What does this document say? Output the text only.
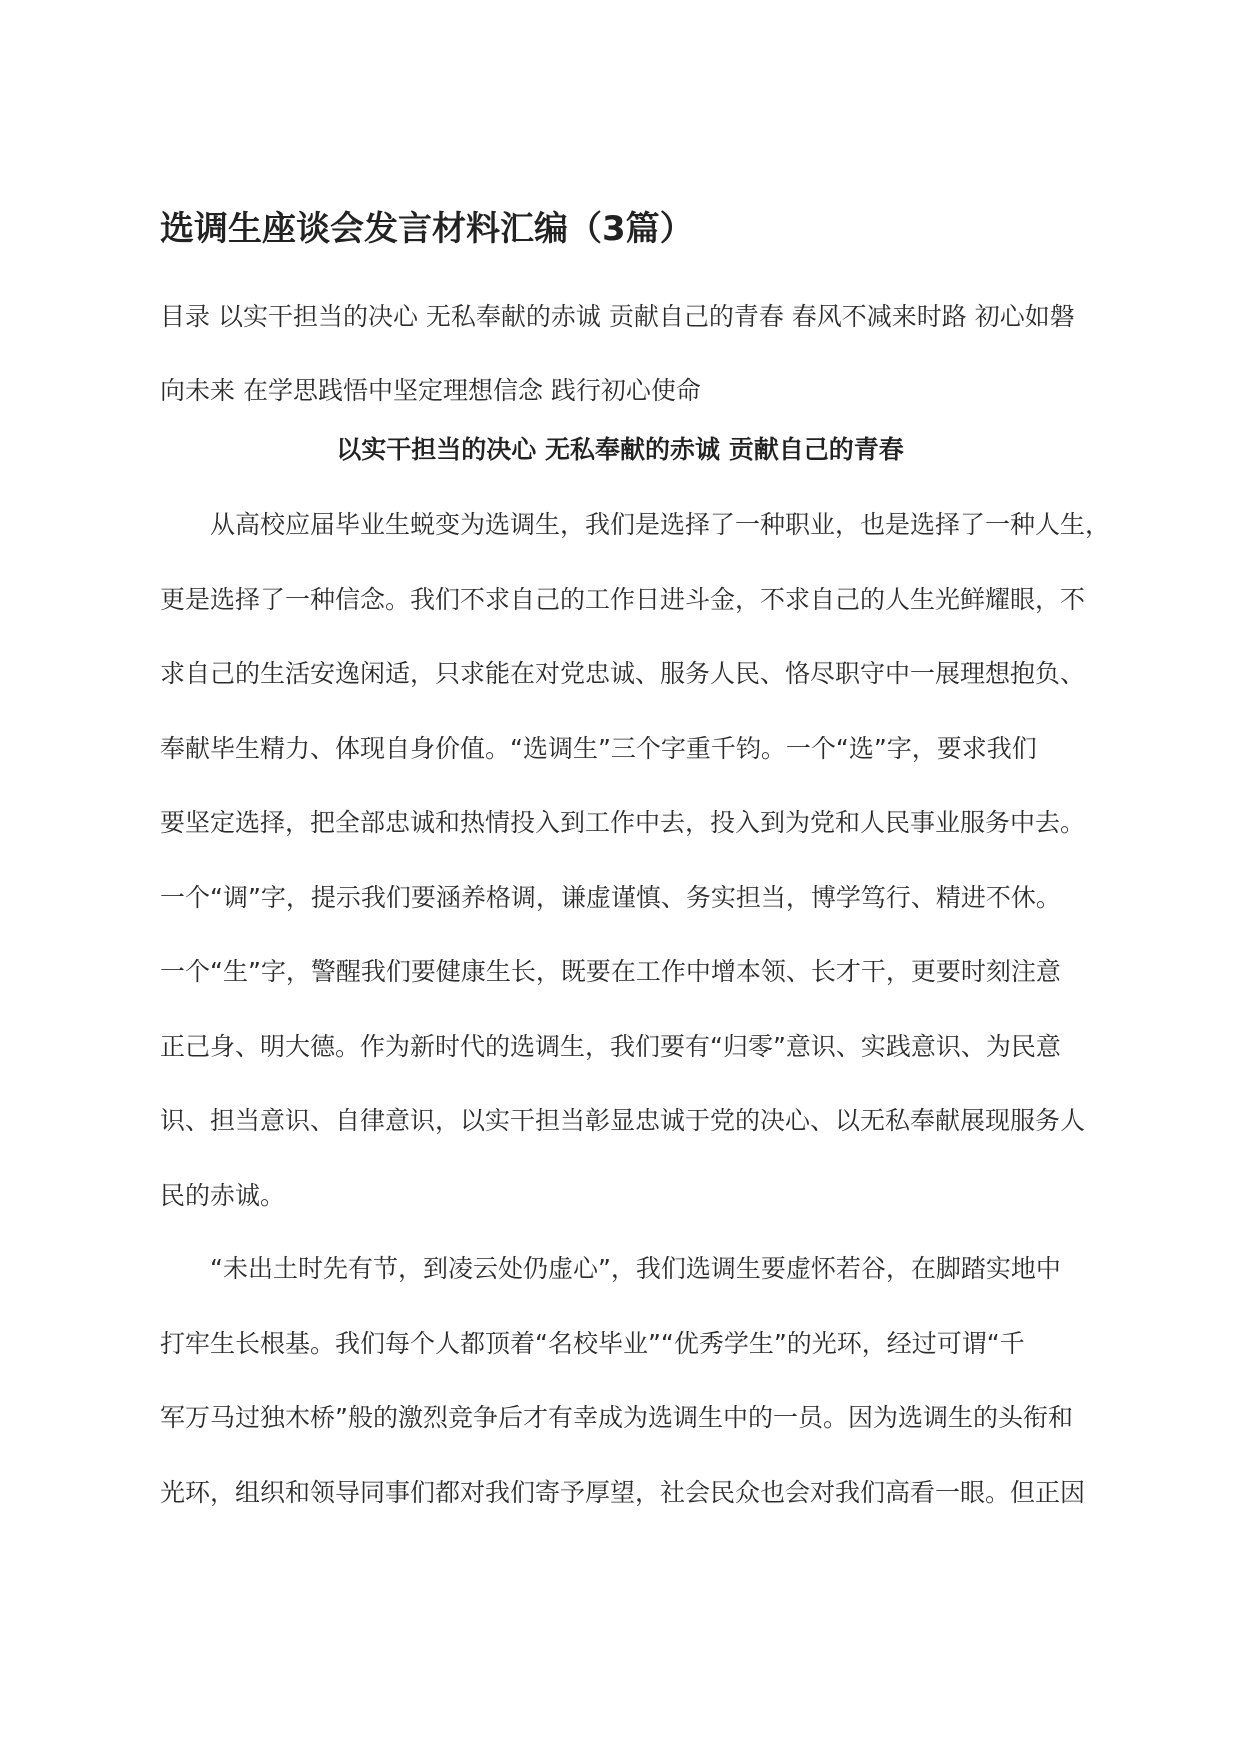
选调生座谈会发言材料汇编（3篇）
目录 以实干担当的决心 无私奉献的赤诚 贡献自己的青春 春风不减来时路 初心如磐
向未来 在学思践悟中坚定理想信念 践行初心使命
以实干担当的决心 无私奉献的赤诚 贡献自己的青春
　　从高校应届毕业生蜕变为选调生，我们是选择了一种职业，也是选择了一种人生，
更是选择了一种信念。我们不求自己的工作日进斗金，不求自己的人生光鲜耀眼，不
求自己的生活安逸闲适，只求能在对党忠诚、服务人民、恪尽职守中一展理想抱负、
奉献毕生精力、体现自身价值。“选调生”三个字重千钧。一个“选”字，要求我们
要坚定选择，把全部忠诚和热情投入到工作中去，投入到为党和人民事业服务中去。
一个“调”字，提示我们要涵养格调，谦虚谨慎、务实担当，博学笃行、精进不休。
一个“生”字，警醒我们要健康生长，既要在工作中增本领、长才干，更要时刻注意
正己身、明大德。作为新时代的选调生，我们要有“归零”意识、实践意识、为民意
识、担当意识、自律意识，以实干担当彰显忠诚于党的决心、以无私奉献展现服务人
民的赤诚。
　　“未出土时先有节，到凌云处仍虚心”，我们选调生要虚怀若谷，在脚踏实地中
打牢生长根基。我们每个人都顶着“名校毕业”“优秀学生”的光环，经过可谓“千
军万马过独木桥”般的激烈竞争后才有幸成为选调生中的一员。因为选调生的头衔和
光环，组织和领导同事们都对我们寄予厚望，社会民众也会对我们高看一眼。但正因
